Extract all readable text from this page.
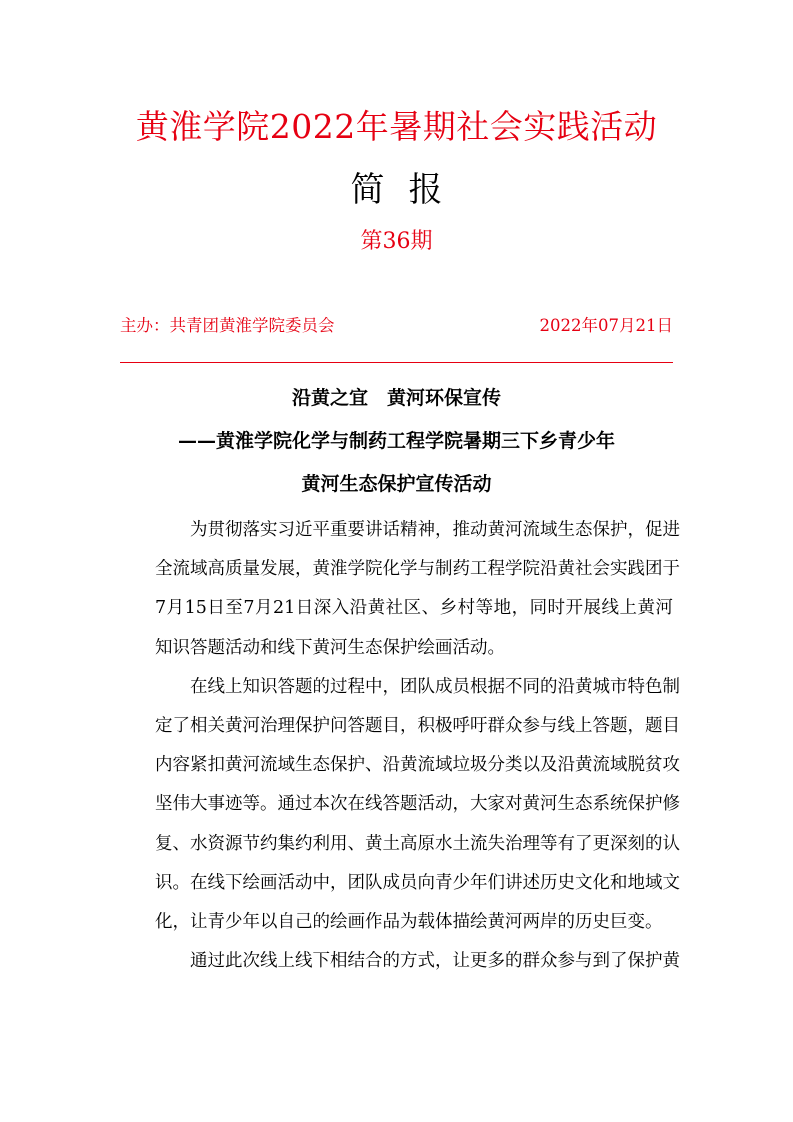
黄淮学院2022年暑期社会实践活动
简 报
第36期
主办：共青团黄淮学院委员会	2022年07月21日
沿黄之宜　黄河环保宣传
——黄淮学院化学与制药工程学院暑期三下乡青少年
黄河生态保护宣传活动
为贯彻落实习近平重要讲话精神，推动黄河流域生态保护，促进
全流域高质量发展，黄淮学院化学与制药工程学院沿黄社会实践团于
7月15日至7月21日深入沿黄社区、乡村等地，同时开展线上黄河
知识答题活动和线下黄河生态保护绘画活动。
在线上知识答题的过程中，团队成员根据不同的沿黄城市特色制
定了相关黄河治理保护问答题目，积极呼吁群众参与线上答题，题目
内容紧扣黄河流域生态保护、沿黄流域垃圾分类以及沿黄流域脱贫攻
坚伟大事迹等。通过本次在线答题活动，大家对黄河生态系统保护修
复、水资源节约集约利用、黄土高原水土流失治理等有了更深刻的认
识。在线下绘画活动中，团队成员向青少年们讲述历史文化和地域文
化，让青少年以自己的绘画作品为载体描绘黄河两岸的历史巨变。
通过此次线上线下相结合的方式，让更多的群众参与到了保护黄
